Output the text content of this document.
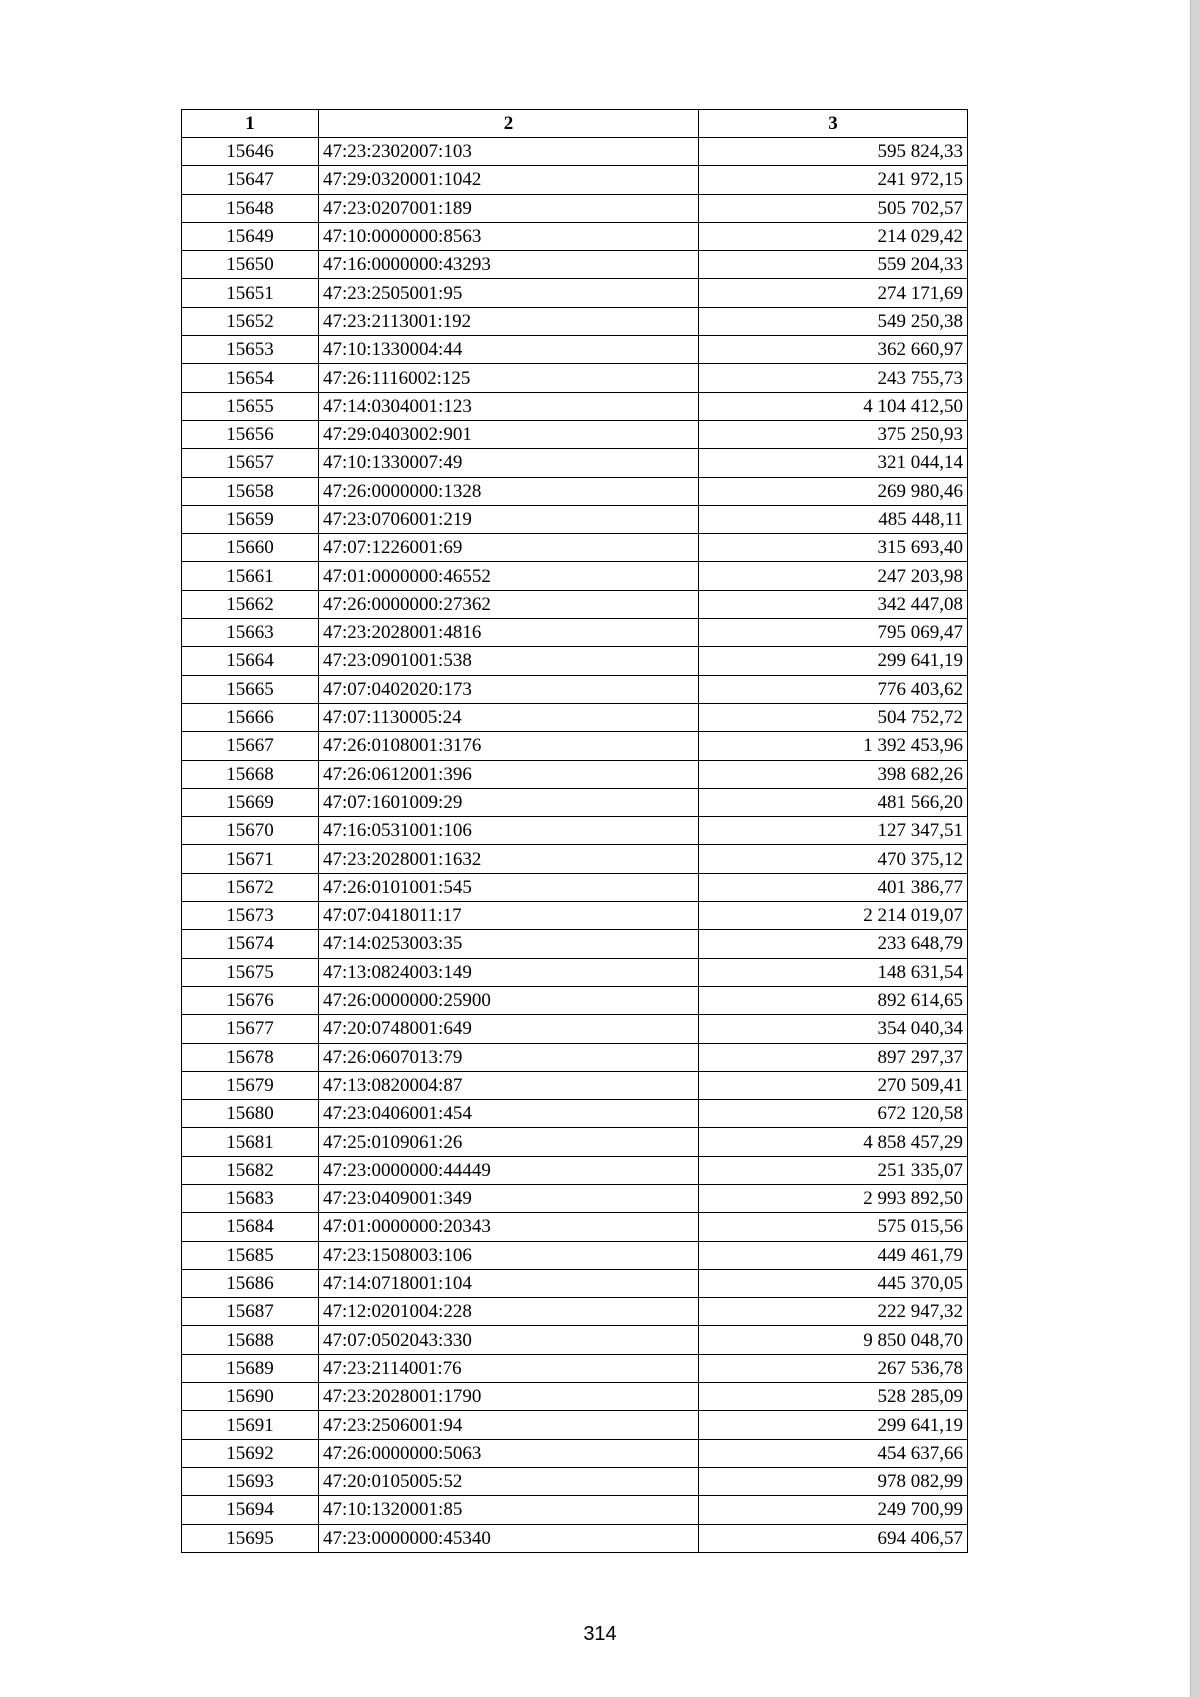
1	2	3
15646	47:23:2302007:103	595 824,33
15647	47:29:0320001:1042	241 972,15
15648	47:23:0207001:189	505 702,57
15649	47:10:0000000:8563	214 029,42
15650	47:16:0000000:43293	559 204,33
15651	47:23:2505001:95	274 171,69
15652	47:23:2113001:192	549 250,38
15653	47:10:1330004:44	362 660,97
15654	47:26:1116002:125	243 755,73
15655	47:14:0304001:123	4 104 412,50
15656	47:29:0403002:901	375 250,93
15657	47:10:1330007:49	321 044,14
15658	47:26:0000000:1328	269 980,46
15659	47:23:0706001:219	485 448,11
15660	47:07:1226001:69	315 693,40
15661	47:01:0000000:46552	247 203,98
15662	47:26:0000000:27362	342 447,08
15663	47:23:2028001:4816	795 069,47
15664	47:23:0901001:538	299 641,19
15665	47:07:0402020:173	776 403,62
15666	47:07:1130005:24	504 752,72
15667	47:26:0108001:3176	1 392 453,96
15668	47:26:0612001:396	398 682,26
15669	47:07:1601009:29	481 566,20
15670	47:16:0531001:106	127 347,51
15671	47:23:2028001:1632	470 375,12
15672	47:26:0101001:545	401 386,77
15673	47:07:0418011:17	2 214 019,07
15674	47:14:0253003:35	233 648,79
15675	47:13:0824003:149	148 631,54
15676	47:26:0000000:25900	892 614,65
15677	47:20:0748001:649	354 040,34
15678	47:26:0607013:79	897 297,37
15679	47:13:0820004:87	270 509,41
15680	47:23:0406001:454	672 120,58
15681	47:25:0109061:26	4 858 457,29
15682	47:23:0000000:44449	251 335,07
15683	47:23:0409001:349	2 993 892,50
15684	47:01:0000000:20343	575 015,56
15685	47:23:1508003:106	449 461,79
15686	47:14:0718001:104	445 370,05
15687	47:12:0201004:228	222 947,32
15688	47:07:0502043:330	9 850 048,70
15689	47:23:2114001:76	267 536,78
15690	47:23:2028001:1790	528 285,09
15691	47:23:2506001:94	299 641,19
15692	47:26:0000000:5063	454 637,66
15693	47:20:0105005:52	978 082,99
15694	47:10:1320001:85	249 700,99
15695	47:23:0000000:45340	694 406,57
314
